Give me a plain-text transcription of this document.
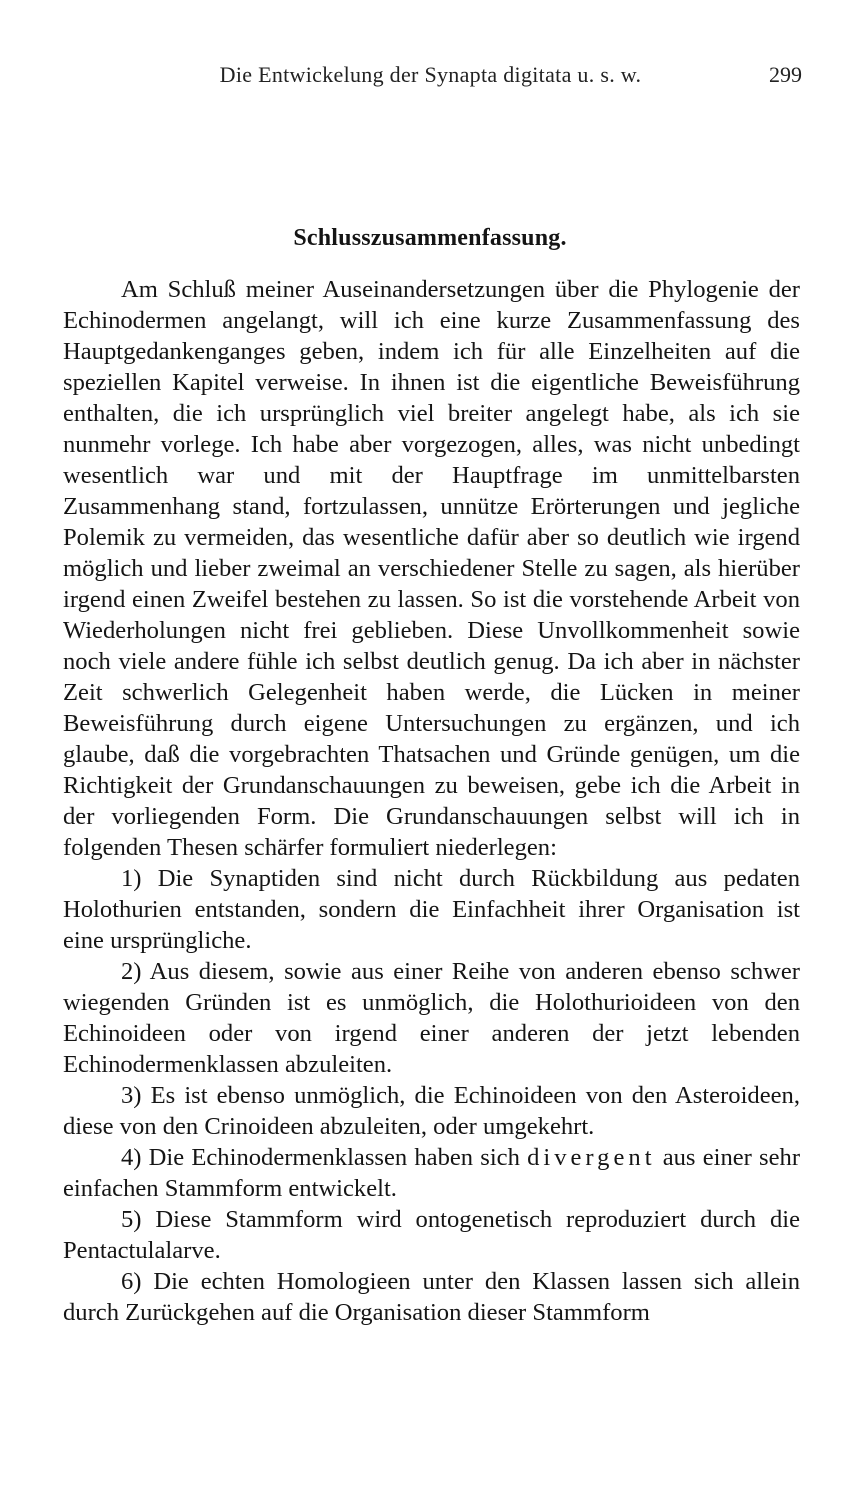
Die Entwickelung der Synapta digitata u. s. w.	299
Schlusszusammenfassung.

Am Schluß meiner Auseinandersetzungen über die Phylogenie der Echinodermen angelangt, will ich eine kurze Zusammenfassung des Hauptgedankenganges geben, indem ich für alle Einzelheiten auf die speziellen Kapitel verweise. In ihnen ist die eigentliche Beweisführung enthalten, die ich ursprünglich viel breiter angelegt habe, als ich sie nunmehr vorlege. Ich habe aber vorgezogen, alles, was nicht unbedingt wesentlich war und mit der Hauptfrage im unmittelbarsten Zusammenhang stand, fortzulassen, unnütze Erörterungen und jegliche Polemik zu vermeiden, das wesentliche dafür aber so deutlich wie irgend möglich und lieber zweimal an verschiedener Stelle zu sagen, als hierüber irgend einen Zweifel bestehen zu lassen. So ist die vorstehende Arbeit von Wiederholungen nicht frei geblieben. Diese Unvollkommenheit sowie noch viele andere fühle ich selbst deutlich genug. Da ich aber in nächster Zeit schwerlich Gelegenheit haben werde, die Lücken in meiner Beweisführung durch eigene Untersuchungen zu ergänzen, und ich glaube, daß die vorgebrachten Thatsachen und Gründe genügen, um die Richtigkeit der Grundanschauungen zu beweisen, gebe ich die Arbeit in der vorliegenden Form. Die Grundanschauungen selbst will ich in folgenden Thesen schärfer formuliert niederlegen:

1) Die Synaptiden sind nicht durch Rückbildung aus pedaten Holothurien entstanden, sondern die Einfachheit ihrer Organisation ist eine ursprüngliche.

2) Aus diesem, sowie aus einer Reihe von anderen ebenso schwer wiegenden Gründen ist es unmöglich, die Holothurioideen von den Echinoideen oder von irgend einer anderen der jetzt lebenden Echinodermenklassen abzuleiten.

3) Es ist ebenso unmöglich, die Echinoideen von den Asteroideen, diese von den Crinoideen abzuleiten, oder umgekehrt.

4) Die Echinodermenklassen haben sich divergent aus einer sehr einfachen Stammform entwickelt.

5) Diese Stammform wird ontogenetisch reproduziert durch die Pentactulalarve.

6) Die echten Homologieen unter den Klassen lassen sich allein durch Zurückgehen auf die Organisation dieser Stammform
